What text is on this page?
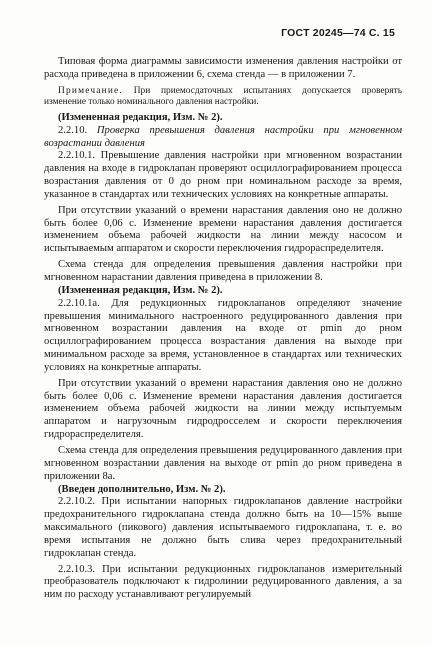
ГОСТ 20245—74 С. 15

Типовая форма диаграммы зависимости изменения давления настройки от расхода приведена в приложении 6, схема стенда — в приложении 7.

Примечание. При приемосдаточных испытаниях допускается проверять изменение только номинального давления настройки.

(Измененная редакция, Изм. № 2).

2.2.10. Проверка превышения давления настройки при мгновенном возрастании давления

2.2.10.1. Превышение давления настройки при мгновенном возрастании давления на входе в гидроклапан проверяют осциллографированием процесса возрастания давления от 0 до pном при номинальном расходе за время, указанное в стандартах или технических условиях на конкретные аппараты.

При отсутствии указаний о времени нарастания давления оно не должно быть более 0,06 с. Изменение времени нарастания давления достигается изменением объема рабочей жидкости на линии между насосом и испытываемым аппаратом и скорости переключения гидрораспределителя.

Схема стенда для определения превышения давления настройки при мгновенном нарастании давления приведена в приложении 8.

(Измененная редакция, Изм. № 2).

2.2.10.1а. Для редукционных гидроклапанов определяют значение превышения минимального настроенного редуцированного давления при мгновенном возрастании давления на входе от pmin до pном осциллографированием процесса возрастания давления на выходе при минимальном расходе за время, установленное в стандартах или технических условиях на конкретные аппараты.

При отсутствии указаний о времени нарастания давления оно не должно быть более 0,06 с. Изменение времени нарастания давления достигается изменением объема рабочей жидкости на линии между испытуемым аппаратом и нагрузочным гидродросселем и скорости переключения гидрораспределителя.

Схема стенда для определения превышения редуцированного давления при мгновенном возрастании давления на выходе от pmin до pном приведена в приложении 8а.

(Введен дополнительно, Изм. № 2).

2.2.10.2. При испытании напорных гидроклапанов давление настройки предохранительного гидроклапана стенда должно быть на 10—15% выше максимального (пикового) давления испытываемого гидроклапана, т. е. во время испытания не должно быть слива через предохранительный гидроклапан стенда.

2.2.10.3. При испытании редукционных гидроклапанов измерительный преобразователь подключают к гидролинии редуцированного давления, а за ним по расходу устанавливают регулируемый
